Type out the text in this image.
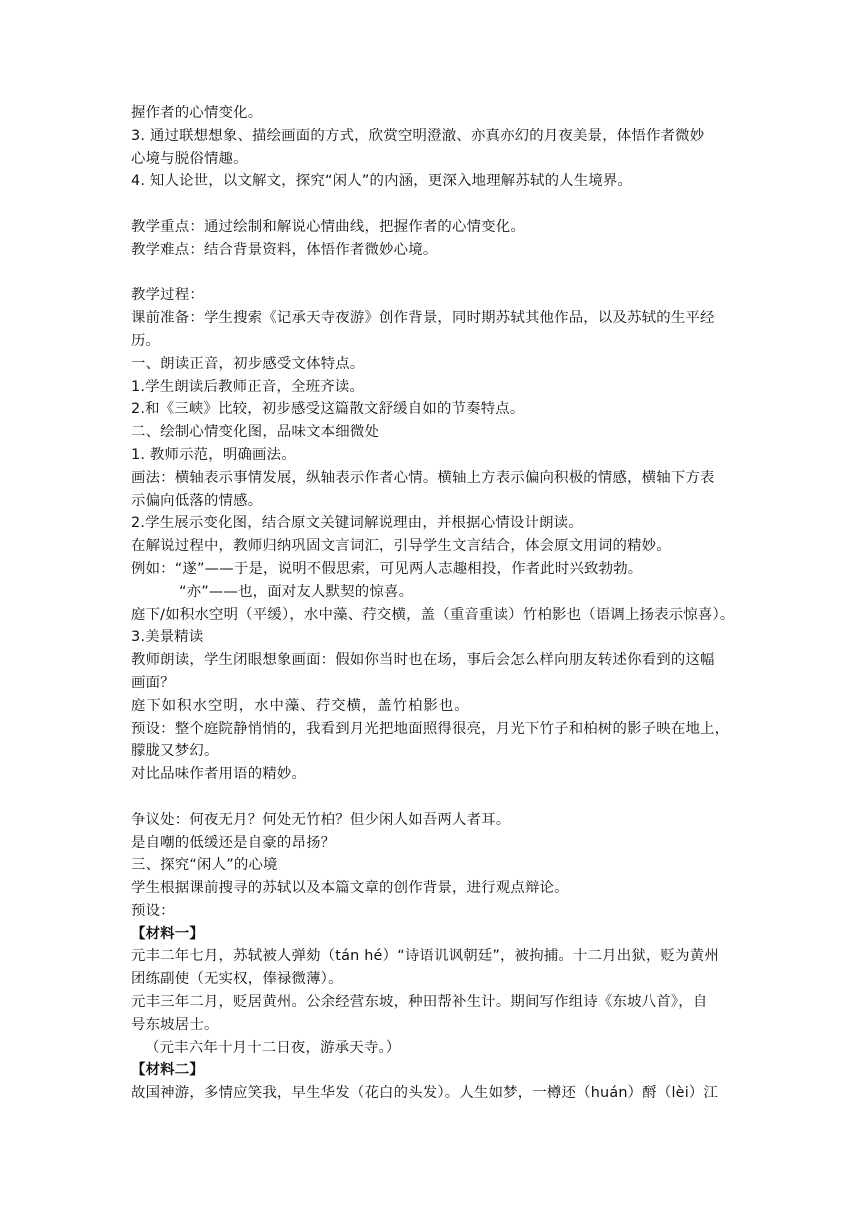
握作者的心情变化。
3. 通过联想想象、描绘画面的方式，欣赏空明澄澈、亦真亦幻的月夜美景，体悟作者微妙
心境与脱俗情趣。
4. 知人论世，以文解文，探究“闲人”的内涵，更深入地理解苏轼的人生境界。
教学重点：通过绘制和解说心情曲线，把握作者的心情变化。
教学难点：结合背景资料，体悟作者微妙心境。
教学过程：
课前准备：学生搜索《记承天寺夜游》创作背景，同时期苏轼其他作品，以及苏轼的生平经
历。
一、朗读正音，初步感受文体特点。
1.学生朗读后教师正音，全班齐读。
2.和《三峡》比较，初步感受这篇散文舒缓自如的节奏特点。
二、绘制心情变化图，品味文本细微处
1. 教师示范，明确画法。
画法：横轴表示事情发展，纵轴表示作者心情。横轴上方表示偏向积极的情感，横轴下方表
示偏向低落的情感。
2.学生展示变化图，结合原文关键词解说理由，并根据心情设计朗读。
在解说过程中，教师归纳巩固文言词汇，引导学生文言结合，体会原文用词的精妙。
例如：“遂”——于是，说明不假思索，可见两人志趣相投，作者此时兴致勃勃。
“亦”——也，面对友人默契的惊喜。
庭下/如积水空明（平缓），水中藻、荇交横，盖（重音重读）竹柏影也（语调上扬表示惊喜）。
3.美景精读
教师朗读，学生闭眼想象画面：假如你当时也在场，事后会怎么样向朋友转述你看到的这幅
画面？
庭下如积水空明，水中藻、荇交横，盖竹柏影也。
预设：整个庭院静悄悄的，我看到月光把地面照得很亮，月光下竹子和柏树的影子映在地上，
朦胧又梦幻。
对比品味作者用语的精妙。
争议处：何夜无月？何处无竹柏？但少闲人如吾两人者耳。
是自嘲的低缓还是自豪的昂扬？
三、探究“闲人”的心境
学生根据课前搜寻的苏轼以及本篇文章的创作背景，进行观点辩论。
预设：
【材料一】
元丰二年七月，苏轼被人弹劾（tán hé）“诗语讥讽朝廷”，被拘捕。十二月出狱，贬为黄州
团练副使（无实权，俸禄微薄）。
元丰三年二月，贬居黄州。公余经营东坡，种田帮补生计。期间写作组诗《东坡八首》，自
号东坡居士。
（元丰六年十月十二日夜，游承天寺。）
【材料二】
故国神游，多情应笑我，早生华发（花白的头发）。人生如梦，一樽还（huán）酹（lèi）江
